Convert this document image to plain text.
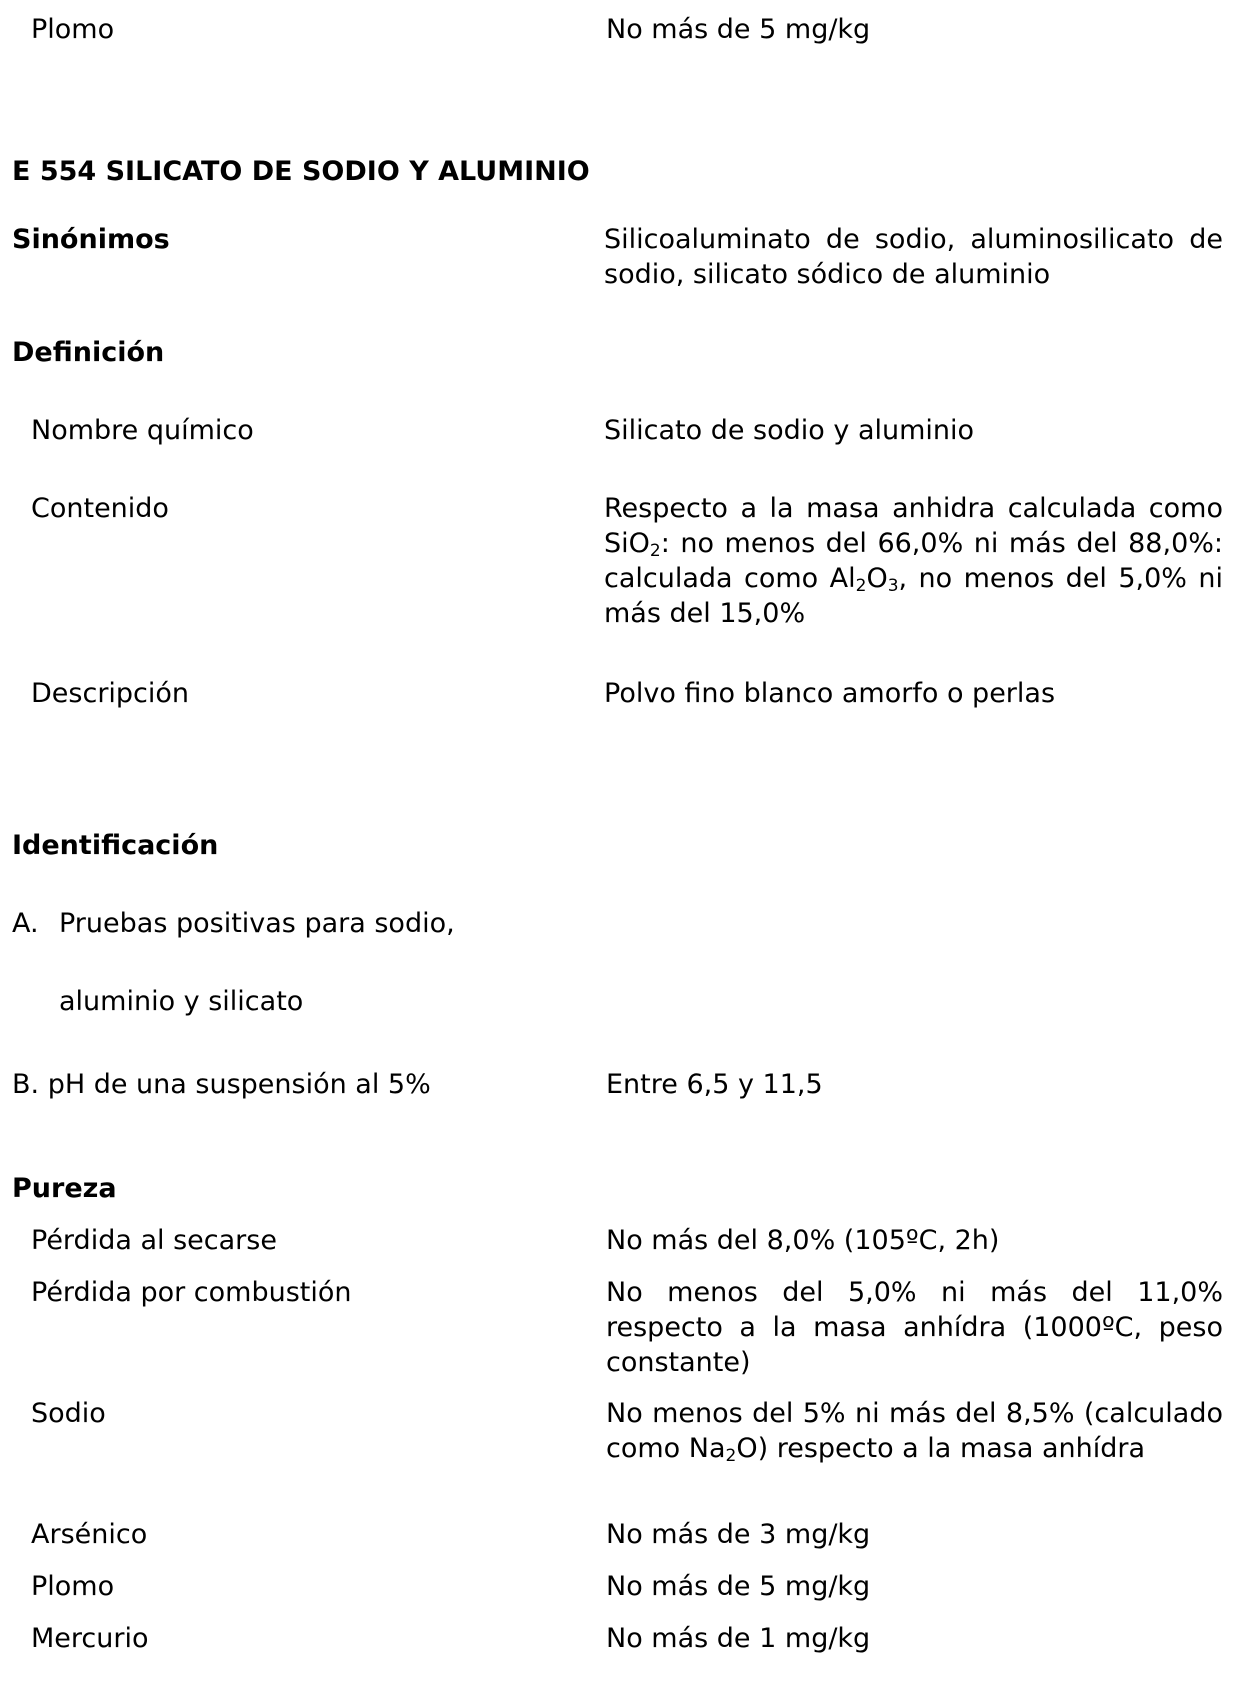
Plomo	No más de 5 mg/kg
E 554 SILICATO DE SODIO Y ALUMINIO
Sinónimos	Silicoaluminato de sodio, aluminosilicato de sodio, silicato sódico de aluminio
Definición
Nombre químico	Silicato de sodio y aluminio
Contenido	Respecto a la masa anhidra calculada como SiO$_2$: no menos del 66,0% ni más del 88,0%: calculada como $Al_2O_3$, no menos del 5,0% ni más del 15,0%
Descripción	Polvo fino blanco amorfo o perlas
Identificación
A. Pruebas positivas para sodio,
aluminio y silicato
B. pH de una suspensión al 5%	Entre 6,5 y 11,5
Pureza
Pérdida al secarse	No más del 8,0% (105ºC, 2h)
Pérdida por combustión	No menos del 5,0% ni más del 11,0% respecto a la masa anhídra (1000ºC, peso constante)
Sodio	No menos del 5% ni más del 8,5% (calculado como $Na_2O$) respecto a la masa anhídra
Arsénico	No más de 3 mg/kg
Plomo	No más de 5 mg/kg
Mercurio	No más de 1 mg/kg
